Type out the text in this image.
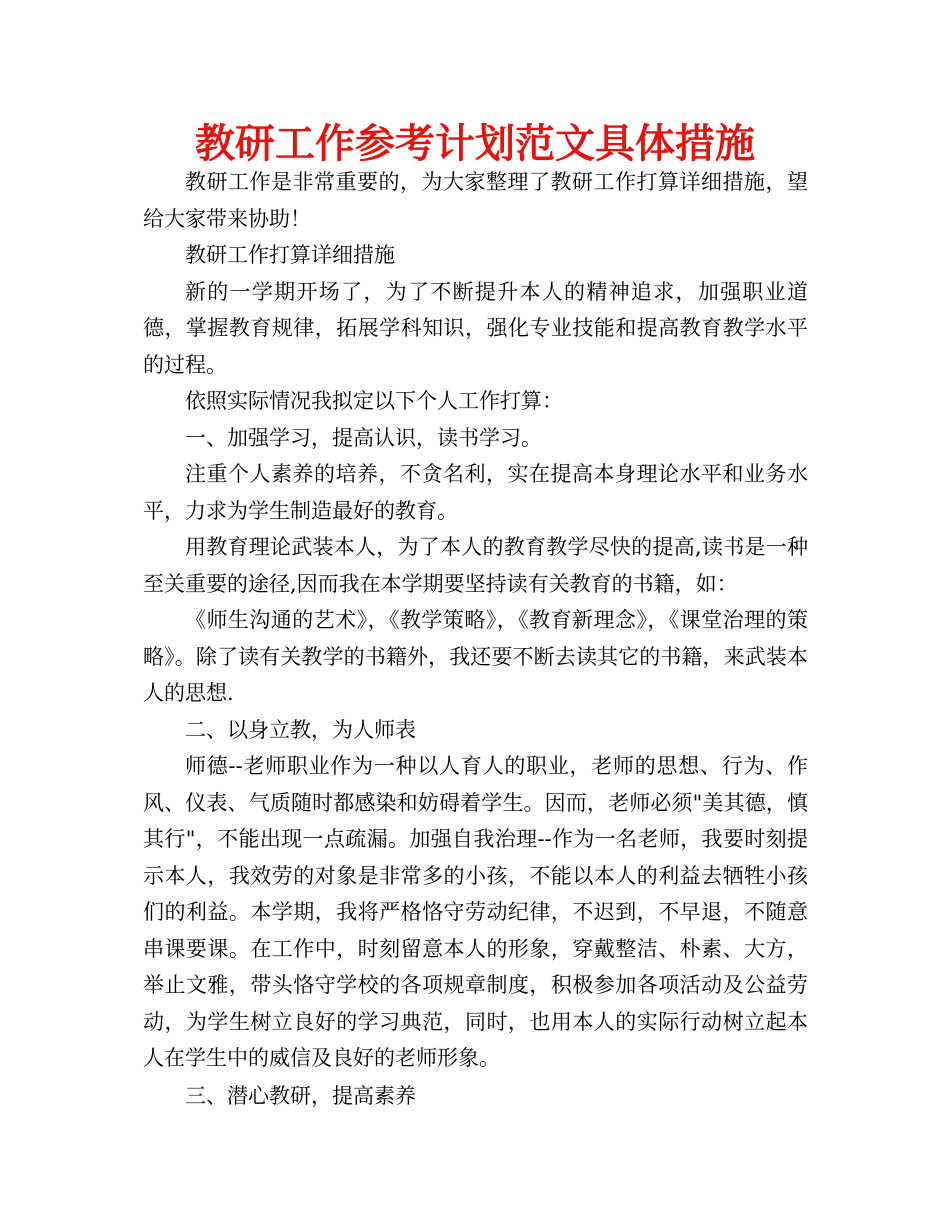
教研工作参考计划范文具体措施

教研工作是非常重要的，为大家整理了教研工作打算详细措施，望给大家带来协助！

教研工作打算详细措施

新的一学期开场了，为了不断提升本人的精神追求，加强职业道德，掌握教育规律，拓展学科知识，强化专业技能和提高教育教学水平的过程。

依照实际情况我拟定以下个人工作打算：

一、加强学习，提高认识，读书学习。

注重个人素养的培养，不贪名利，实在提高本身理论水平和业务水平，力求为学生制造最好的教育。

用教育理论武装本人，为了本人的教育教学尽快的提高,读书是一种至关重要的途径,因而我在本学期要坚持读有关教育的书籍，如：

《师生沟通的艺术》，《教学策略》，《教育新理念》，《课堂治理的策略》。除了读有关教学的书籍外，我还要不断去读其它的书籍，来武装本人的思想.

二、以身立教，为人师表

师德--老师职业作为一种以人育人的职业，老师的思想、行为、作风、仪表、气质随时都感染和妨碍着学生。因而，老师必须"美其德，慎其行"，不能出现一点疏漏。加强自我治理--作为一名老师，我要时刻提示本人，我效劳的对象是非常多的小孩，不能以本人的利益去牺牲小孩们的利益。本学期，我将严格恪守劳动纪律，不迟到，不早退，不随意串课要课。在工作中，时刻留意本人的形象，穿戴整洁、朴素、大方，举止文雅，带头恪守学校的各项规章制度，积极参加各项活动及公益劳动，为学生树立良好的学习典范，同时，也用本人的实际行动树立起本人在学生中的威信及良好的老师形象。

三、潜心教研，提高素养
